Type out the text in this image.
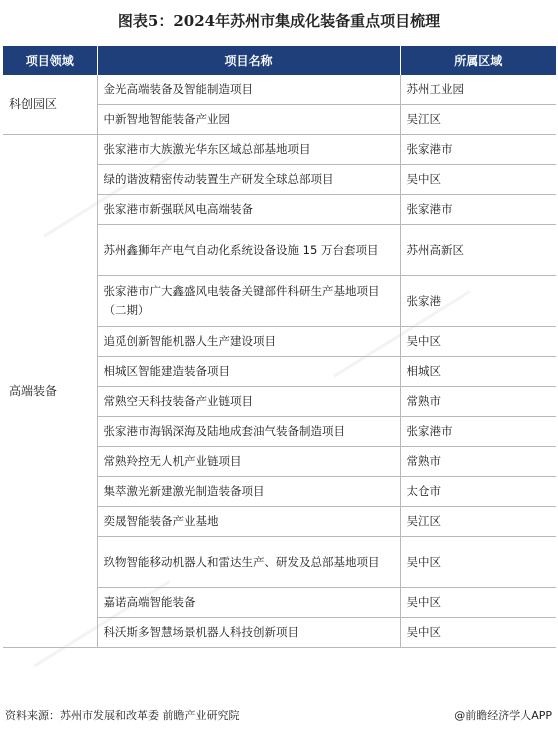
图表5：2024年苏州市集成化装备重点项目梳理
项目领域	项目名称	所属区域
科创园区	金光高端装备及智能制造项目	苏州工业园
	中新智地智能装备产业园	吴江区
高端装备	张家港市大族激光华东区域总部基地项目	张家港市
	绿的谐波精密传动装置生产研发全球总部项目	吴中区
	张家港市新强联风电高端装备	张家港市
	苏州鑫狮年产电气自动化系统设备设施 15 万台套项目	苏州高新区
	张家港市广大鑫盛风电装备关键部件科研生产基地项目（二期）	张家港
	追觅创新智能机器人生产建设项目	吴中区
	相城区智能建造装备项目	相城区
	常熟空天科技装备产业链项目	常熟市
	张家港市海锅深海及陆地成套油气装备制造项目	张家港市
	常熟羚控无人机产业链项目	常熟市
	集萃激光新建激光制造装备项目	太仓市
	奕晟智能装备产业基地	吴江区
	玖物智能移动机器人和雷达生产、研发及总部基地项目	吴中区
	嘉诺高端智能装备	吴中区
	科沃斯多智慧场景机器人科技创新项目	吴中区
资料来源：苏州市发展和改革委 前瞻产业研究院	@前瞻经济学人APP
